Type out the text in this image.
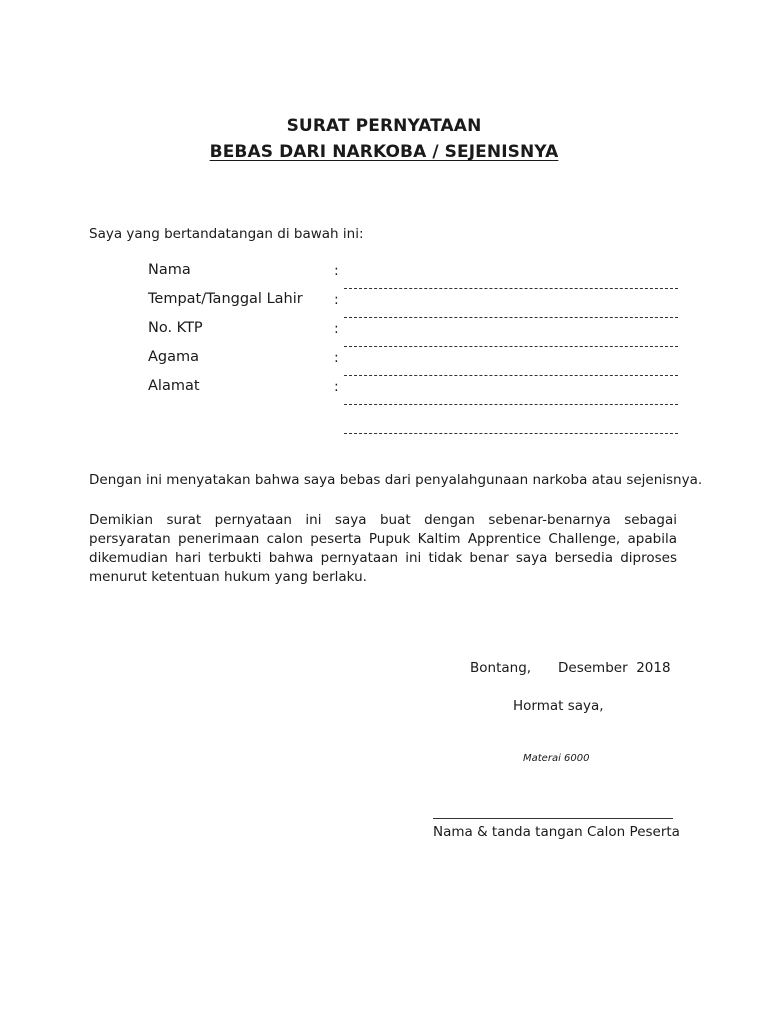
SURAT PERNYATAAN
BEBAS DARI NARKOBA / SEJENISNYA
Saya yang bertandatangan di bawah ini:
Nama	:
Tempat/Tanggal Lahir :
No. KTP	:
Agama	:
Alamat	:
Dengan ini menyatakan bahwa saya bebas dari penyalahgunaan narkoba atau sejenisnya.
Demikian surat pernyataan ini saya buat dengan sebenar-benarnya sebagai persyaratan penerimaan calon peserta Pupuk Kaltim Apprentice Challenge, apabila dikemudian hari terbukti bahwa pernyataan ini tidak benar saya bersedia diproses menurut ketentuan hukum yang berlaku.
Bontang, Desember  2018
Hormat saya,
Materai 6000
Nama & tanda tangan Calon Peserta
